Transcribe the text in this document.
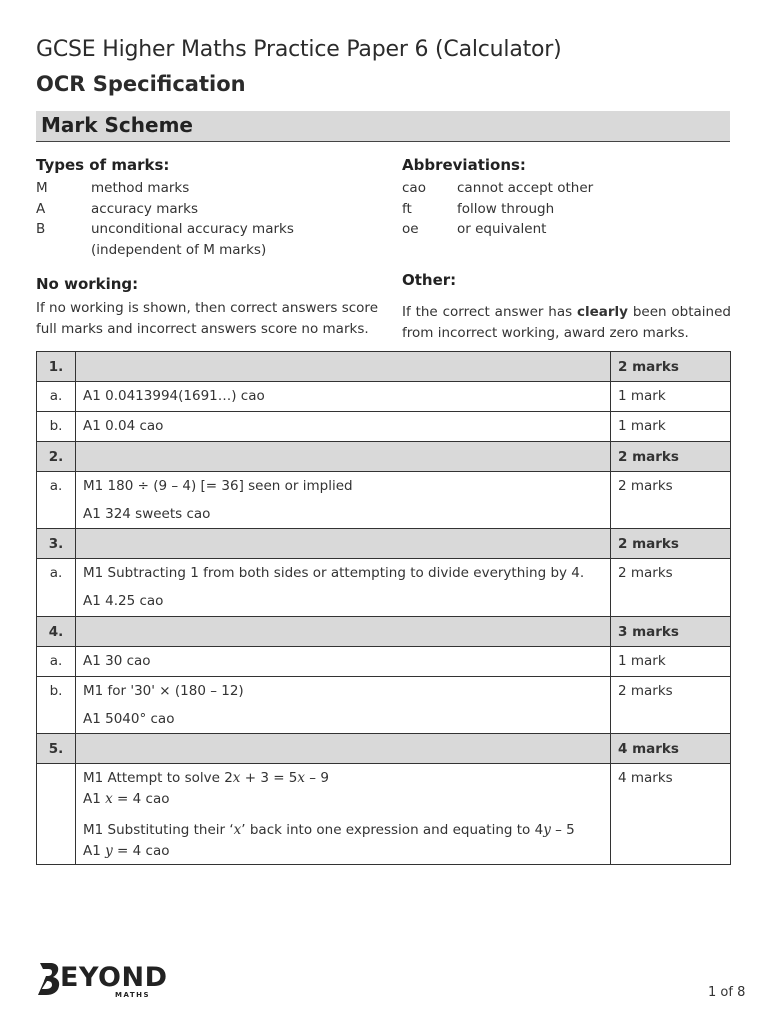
GCSE Higher Maths Practice Paper 6 (Calculator)
OCR Specification
Mark Scheme
Types of marks:
M	method marks
A	accuracy marks
B	unconditional accuracy marks
(independent of M marks)
Abbreviations:
cao cannot accept other
ft	follow through
oe	or equivalent
No working:
If no working is shown, then correct answers score full marks and incorrect answers score no marks.
Other:
If the correct answer has clearly been obtained from incorrect working, award zero marks.
1.		2 marks
a.	A1 0.0413994(1691…) cao	1 mark
b.	A1 0.04 cao	1 mark
2.		2 marks
a.	M1 180 ÷ (9 – 4) [= 36] seen or implied
A1 324 sweets cao	2 marks
3.		2 marks
a.	M1 Subtracting 1 from both sides or attempting to divide everything by 4.
A1 4.25 cao	2 marks
4.		3 marks
a.	A1 30 cao	1 mark
b.	M1 for '30' × (180 – 12)
A1 5040° cao	2 marks
5.		4 marks

	M1 Attempt to solve 2x + 3 = 5x – 9
A1 x = 4 cao
M1 Substituting their ‘x’ back into one expression and equating to 4y – 5
A1 y = 4 cao	4 marks
EYOND
MATHS	1 of 8
